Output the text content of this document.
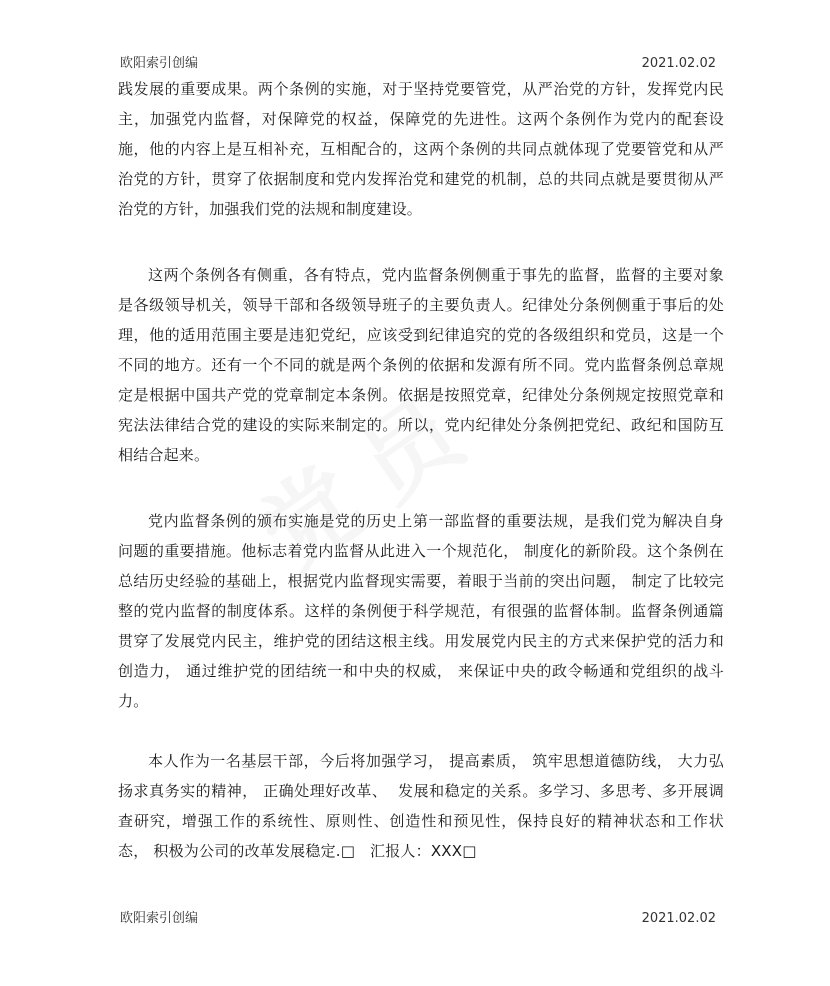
欧阳索引创编	2021.02.02

践发展的重要成果。两个条例的实施，对于坚持党要管党，从严治党的方针，发挥党内民主，加强党内监督，对保障党的权益，保障党的先进性。这两个条例作为党内的配套设施，他的内容上是互相补充，互相配合的，这两个条例的共同点就体现了党要管党和从严治党的方针，贯穿了依据制度和党内发挥治党和建党的机制，总的共同点就是要贯彻从严治党的方针，加强我们党的法规和制度建设。

这两个条例各有侧重，各有特点，党内监督条例侧重于事先的监督，监督的主要对象是各级领导机关，领导干部和各级领导班子的主要负责人。纪律处分条例侧重于事后的处理，他的适用范围主要是违犯党纪，应该受到纪律追究的党的各级组织和党员，这是一个不同的地方。还有一个不同的就是两个条例的依据和发源有所不同。党内监督条例总章规定是根据中国共产党的党章制定本条例。依据是按照党章，纪律处分条例规定按照党章和宪法法律结合党的建设的实际来制定的。所以，党内纪律处分条例把党纪、政纪和国防互相结合起来。

党内监督条例的颁布实施是党的历史上第一部监督的重要法规，是我们党为解决自身问题的重要措施。他标志着党内监督从此进入一个规范化， 制度化的新阶段。这个条例在总结历史经验的基础上，根据党内监督现实需要，着眼于当前的突出问题， 制定了比较完整的党内监督的制度体系。这样的条例便于科学规范，有很强的监督体制。监督条例通篇贯穿了发展党内民主，维护党的团结这根主线。用发展党内民主的方式来保护党的活力和创造力， 通过维护党的团结统一和中央的权威， 来保证中央的政令畅通和党组织的战斗力。

本人作为一名基层干部，今后将加强学习， 提高素质， 筑牢思想道德防线， 大力弘扬求真务实的精神， 正确处理好改革、  发展和稳定的关系。多学习、多思考、多开展调查研究，增强工作的系统性、原则性、创造性和预见性，保持良好的精神状态和工作状态， 积极为公司的改革发展稳定.□   汇报人：XXX□

欧阳索引创编	2021.02.02
